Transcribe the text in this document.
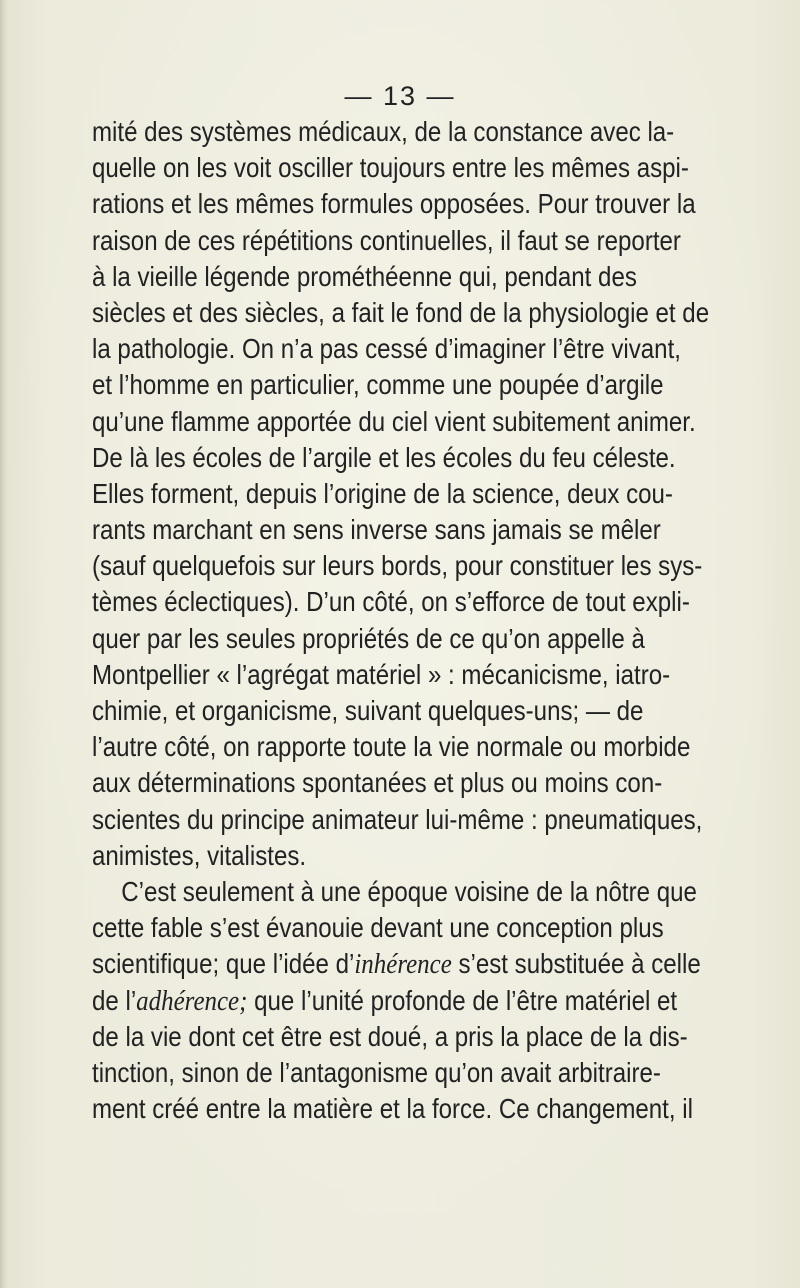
— 13 —
mité des systèmes médicaux, de la constance avec la-
quelle on les voit osciller toujours entre les mêmes aspi-
rations et les mêmes formules opposées. Pour trouver la
raison de ces répétitions continuelles, il faut se reporter
à la vieille légende prométhéenne qui, pendant des
siècles et des siècles, a fait le fond de la physiologie et de
la pathologie. On n’a pas cessé d’imaginer l’être vivant,
et l’homme en particulier, comme une poupée d’argile
qu’une flamme apportée du ciel vient subitement animer.
De là les écoles de l’argile et les écoles du feu céleste.
Elles forment, depuis l’origine de la science, deux cou-
rants marchant en sens inverse sans jamais se mêler
(sauf quelquefois sur leurs bords, pour constituer les sys-
tèmes éclectiques). D’un côté, on s’efforce de tout expli-
quer par les seules propriétés de ce qu’on appelle à
Montpellier « l’agrégat matériel » : mécanicisme, iatro-
chimie, et organicisme, suivant quelques-uns; — de
l’autre côté, on rapporte toute la vie normale ou morbide
aux déterminations spontanées et plus ou moins con-
scientes du principe animateur lui-même : pneumatiques,
animistes, vitalistes.
C’est seulement à une époque voisine de la nôtre que
cette fable s’est évanouie devant une conception plus
scientifique; que l’idée d’inhérence s’est substituée à celle
de l’adhérence; que l’unité profonde de l’être matériel et
de la vie dont cet être est doué, a pris la place de la dis-
tinction, sinon de l’antagonisme qu’on avait arbitraire-
ment créé entre la matière et la force. Ce changement, il
